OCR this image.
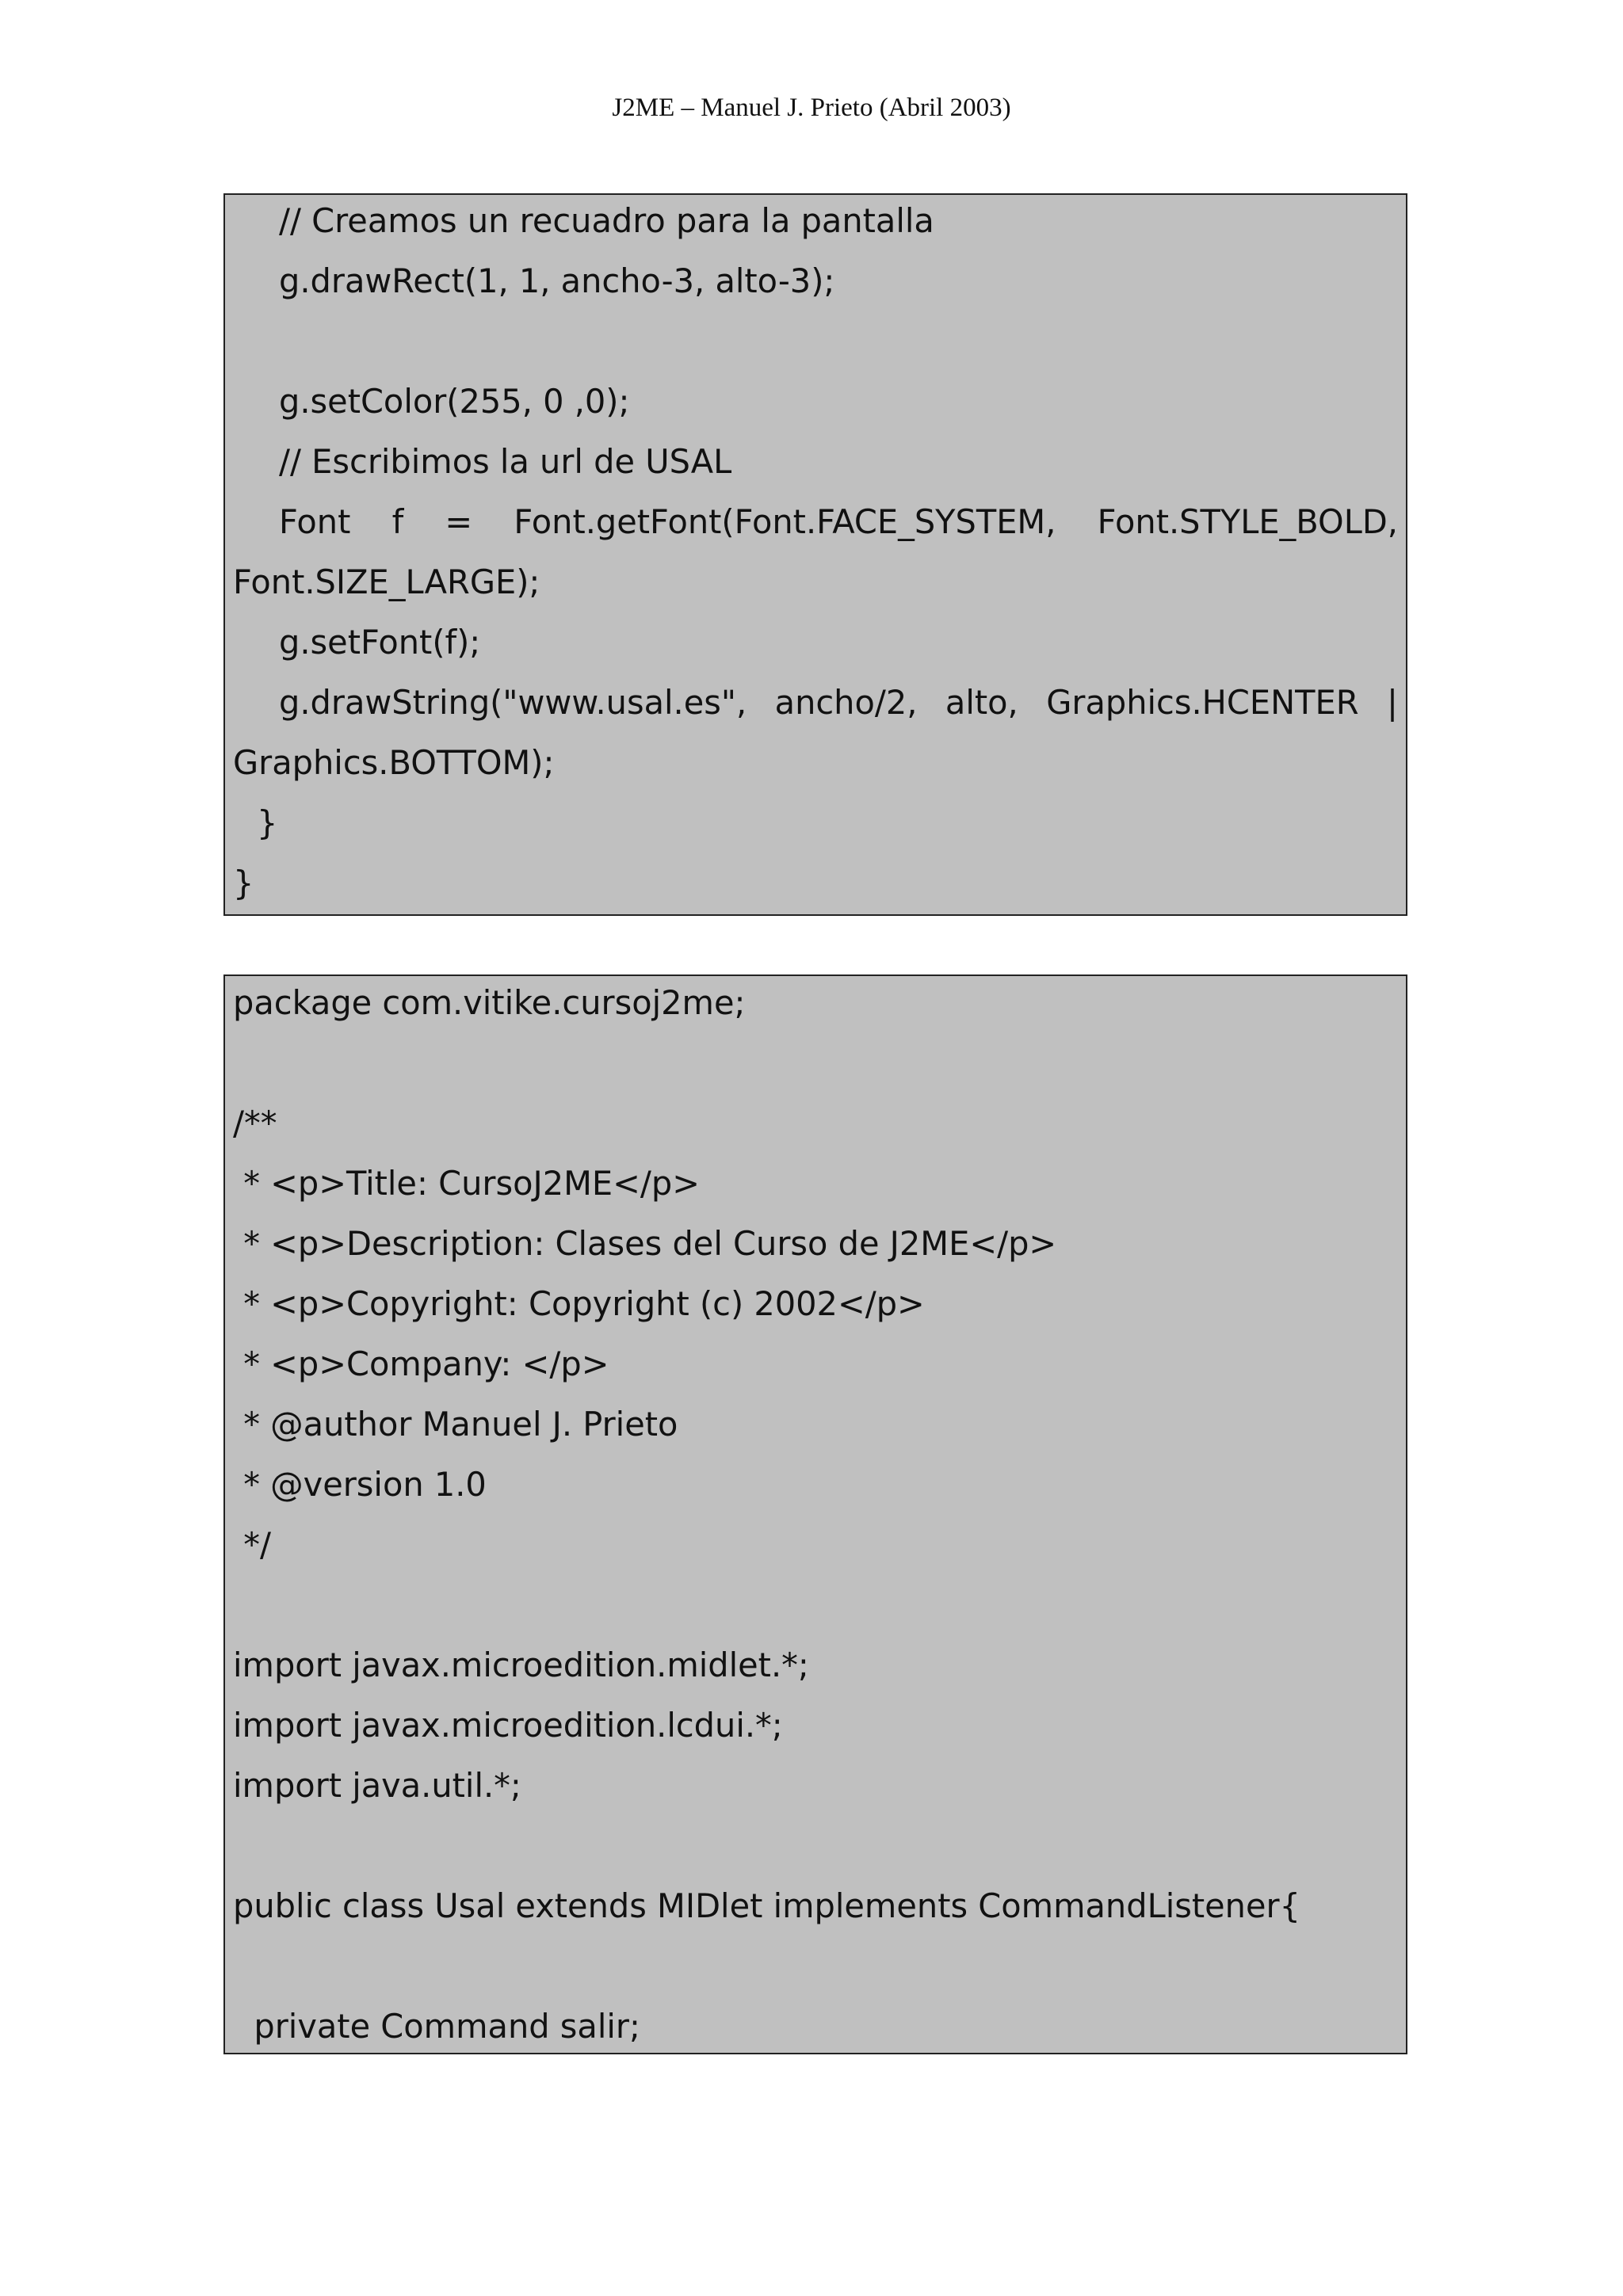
J2ME – Manuel J. Prieto (Abril 2003)
// Creamos un recuadro para la pantalla
g.drawRect(1, 1, ancho-3, alto-3);
g.setColor(255, 0 ,0);
// Escribimos la url de USAL
Font f = Font.getFont(Font.FACE_SYSTEM, Font.STYLE_BOLD,
Font.SIZE_LARGE);
g.setFont(f);
g.drawString("www.usal.es", ancho/2, alto, Graphics.HCENTER |
Graphics.BOTTOM);
}
}
package com.vitike.cursoj2me;
/**
* <p>Title: CursoJ2ME</p>
* <p>Description: Clases del Curso de J2ME</p>
* <p>Copyright: Copyright (c) 2002</p>
* <p>Company: </p>
* @author Manuel J. Prieto
* @version 1.0
*/
import javax.microedition.midlet.*;
import javax.microedition.lcdui.*;
import java.util.*;
public class Usal extends MIDlet implements CommandListener{
private Command salir;
